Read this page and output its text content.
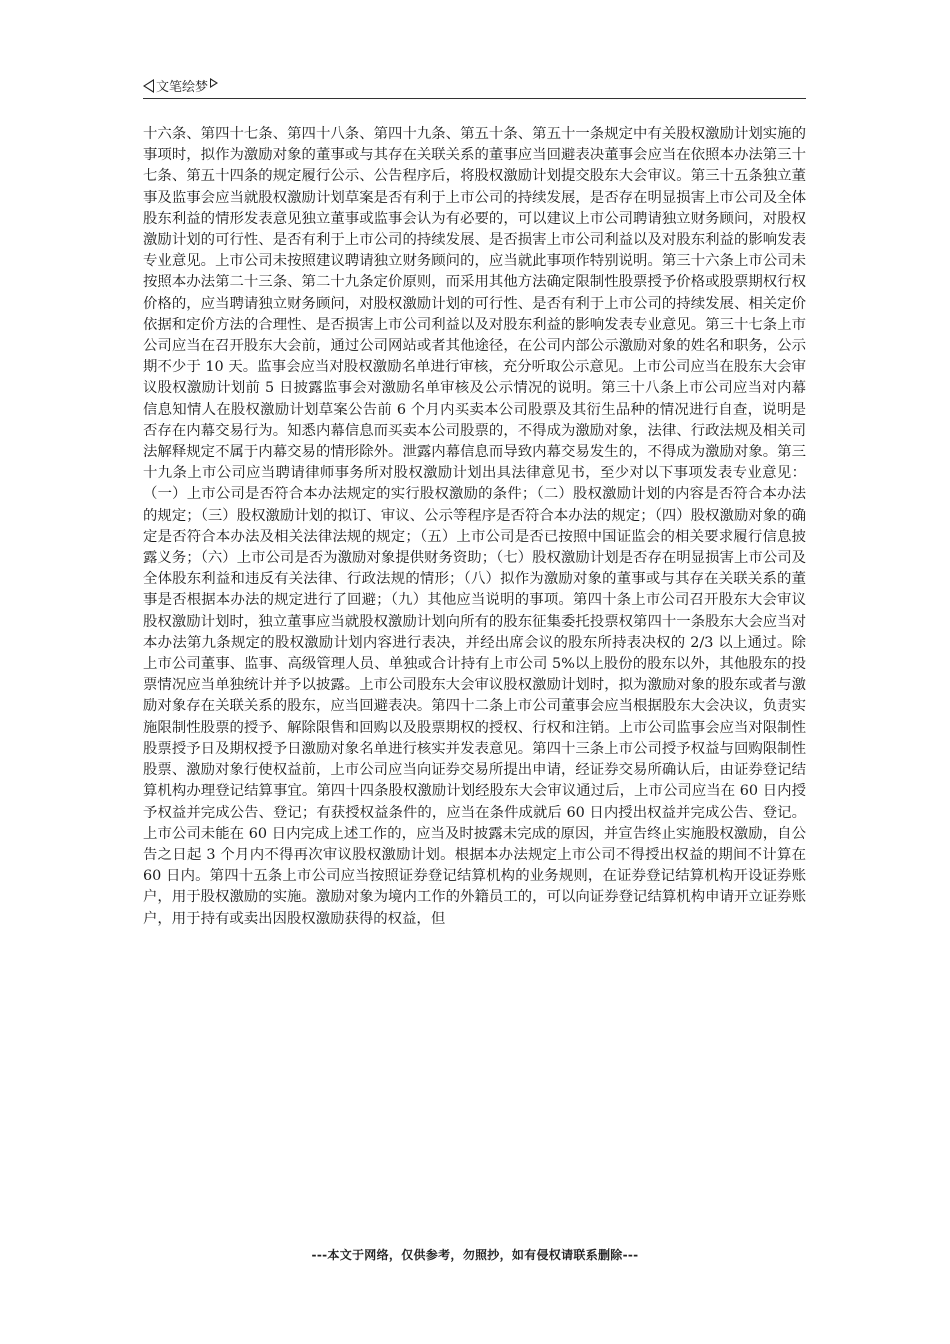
文笔绘梦

十六条、第四十七条、第四十八条、第四十九条、第五十条、第五十一条规定中有关股权激励计划实施的事项时，拟作为激励对象的董事或与其存在关联关系的董事应当回避表决董事会应当在依照本办法第三十七条、第五十四条的规定履行公示、公告程序后，将股权激励计划提交股东大会审议。第三十五条独立董事及监事会应当就股权激励计划草案是否有利于上市公司的持续发展，是否存在明显损害上市公司及全体股东利益的情形发表意见独立董事或监事会认为有必要的，可以建议上市公司聘请独立财务顾问，对股权激励计划的可行性、是否有利于上市公司的持续发展、是否损害上市公司利益以及对股东利益的影响发表专业意见。上市公司未按照建议聘请独立财务顾问的，应当就此事项作特别说明。第三十六条上市公司未按照本办法第二十三条、第二十九条定价原则，而采用其他方法确定限制性股票授予价格或股票期权行权价格的，应当聘请独立财务顾问，对股权激励计划的可行性、是否有利于上市公司的持续发展、相关定价依据和定价方法的合理性、是否损害上市公司利益以及对股东利益的影响发表专业意见。第三十七条上市公司应当在召开股东大会前，通过公司网站或者其他途径，在公司内部公示激励对象的姓名和职务，公示期不少于 10 天。监事会应当对股权激励名单进行审核，充分听取公示意见。上市公司应当在股东大会审议股权激励计划前 5 日披露监事会对激励名单审核及公示情况的说明。第三十八条上市公司应当对内幕信息知情人在股权激励计划草案公告前 6 个月内买卖本公司股票及其衍生品种的情况进行自查，说明是否存在内幕交易行为。知悉内幕信息而买卖本公司股票的，不得成为激励对象，法律、行政法规及相关司法解释规定不属于内幕交易的情形除外。泄露内幕信息而导致内幕交易发生的，不得成为激励对象。第三十九条上市公司应当聘请律师事务所对股权激励计划出具法律意见书，至少对以下事项发表专业意见：（一）上市公司是否符合本办法规定的实行股权激励的条件；（二）股权激励计划的内容是否符合本办法的规定；（三）股权激励计划的拟订、审议、公示等程序是否符合本办法的规定；（四）股权激励对象的确定是否符合本办法及相关法律法规的规定；（五）上市公司是否已按照中国证监会的相关要求履行信息披露义务；（六）上市公司是否为激励对象提供财务资助；（七）股权激励计划是否存在明显损害上市公司及全体股东利益和违反有关法律、行政法规的情形；（八）拟作为激励对象的董事或与其存在关联关系的董事是否根据本办法的规定进行了回避；（九）其他应当说明的事项。第四十条上市公司召开股东大会审议股权激励计划时，独立董事应当就股权激励计划向所有的股东征集委托投票权第四十一条股东大会应当对本办法第九条规定的股权激励计划内容进行表决，并经出席会议的股东所持表决权的 2/3 以上通过。除上市公司董事、监事、高级管理人员、单独或合计持有上市公司 5%以上股份的股东以外，其他股东的投票情况应当单独统计并予以披露。上市公司股东大会审议股权激励计划时，拟为激励对象的股东或者与激励对象存在关联关系的股东，应当回避表决。第四十二条上市公司董事会应当根据股东大会决议，负责实施限制性股票的授予、解除限售和回购以及股票期权的授权、行权和注销。上市公司监事会应当对限制性股票授予日及期权授予日激励对象名单进行核实并发表意见。第四十三条上市公司授予权益与回购限制性股票、激励对象行使权益前，上市公司应当向证券交易所提出申请，经证券交易所确认后，由证券登记结算机构办理登记结算事宜。第四十四条股权激励计划经股东大会审议通过后，上市公司应当在 60 日内授予权益并完成公告、登记；有获授权益条件的，应当在条件成就后 60 日内授出权益并完成公告、登记。上市公司未能在 60 日内完成上述工作的，应当及时披露未完成的原因，并宣告终止实施股权激励，自公告之日起 3 个月内不得再次审议股权激励计划。根据本办法规定上市公司不得授出权益的期间不计算在 60 日内。第四十五条上市公司应当按照证券登记结算机构的业务规则，在证券登记结算机构开设证券账户，用于股权激励的实施。激励对象为境内工作的外籍员工的，可以向证券登记结算机构申请开立证券账户，用于持有或卖出因股权激励获得的权益，但

---本文于网络，仅供参考，勿照抄，如有侵权请联系删除---
